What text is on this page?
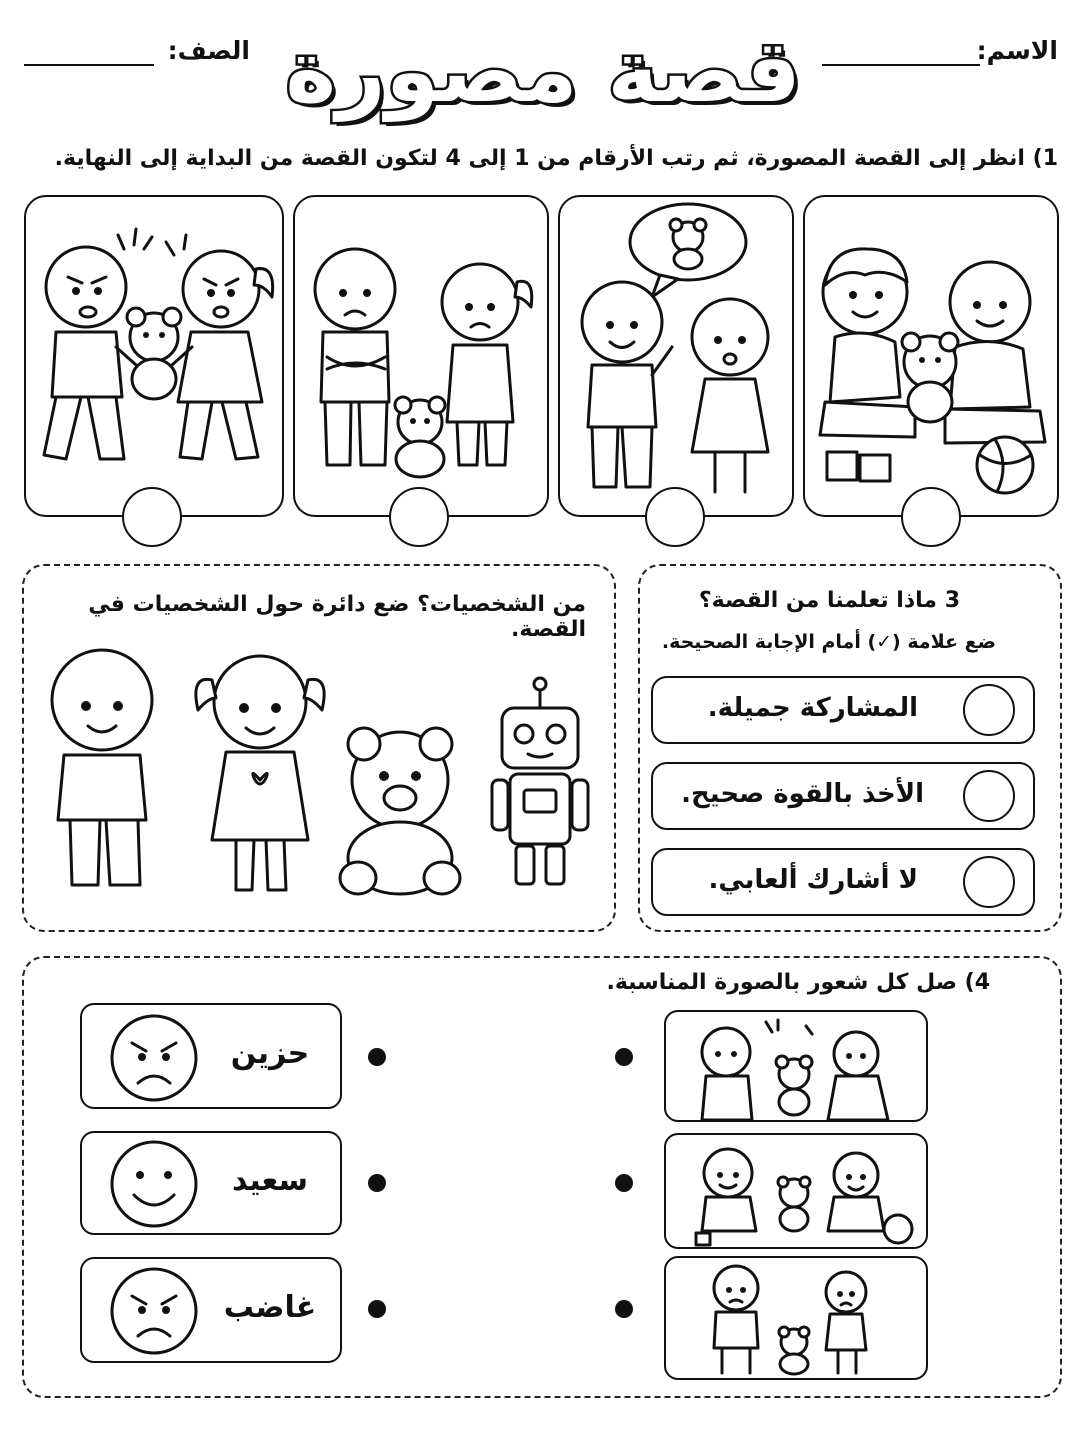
قصة مصورة	الاسم:
الصف:
1) انظر إلى القصة المصورة، ثم رتب الأرقام من 1 إلى 4 لتكون القصة من البداية إلى النهاية.
من الشخصيات؟ ضع دائرة حول الشخصيات في القصة.
3 ماذا تعلمنا من القصة؟
ضع علامة (✓) أمام الإجابة الصحيحة.
المشاركة جميلة.
الأخذ بالقوة صحيح.
لا أشارك ألعابي.
4) صل كل شعور بالصورة المناسبة.
حزين
سعيد
غاضب
